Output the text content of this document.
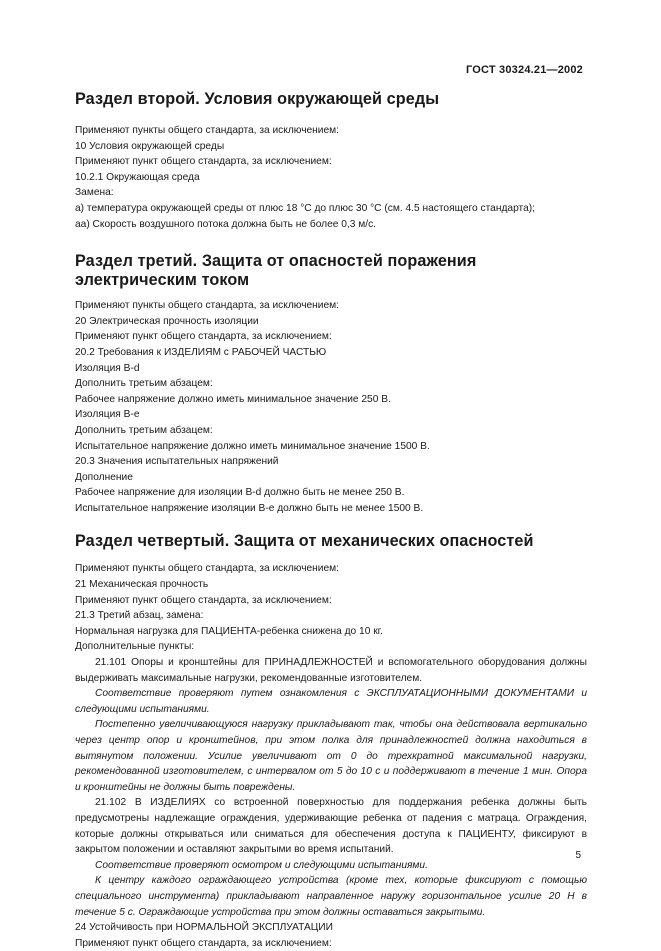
ГОСТ 30324.21—2002
Раздел второй. Условия окружающей среды

Применяют пункты общего стандарта, за исключением:

10 Условия окружающей среды

Применяют пункт общего стандарта, за исключением:

10.2.1 Окружающая среда

Замена:

a) температура окружающей среды от плюс 18 °С до плюс 30 °С (см. 4.5 настоящего стандарта);

aa) Скорость воздушного потока должна быть не более 0,3 м/с.

Раздел третий. Защита от опасностей поражения электрическим током

Применяют пункты общего стандарта, за исключением:

20 Электрическая прочность изоляции

Применяют пункт общего стандарта, за исключением:

20.2 Требования к ИЗДЕЛИЯМ с РАБОЧЕЙ ЧАСТЬЮ

Изоляция В-d

Дополнить третьим абзацем:

Рабочее напряжение должно иметь минимальное значение 250 В.

Изоляция В-е

Дополнить третьим абзацем:

Испытательное напряжение должно иметь минимальное значение 1500 В.

20.3 Значения испытательных напряжений

Дополнение

Рабочее напряжение для изоляции В-d должно быть не менее 250 В.

Испытательное напряжение изоляции В-е должно быть не менее 1500 В.

Раздел четвертый. Защита от механических опасностей

Применяют пункты общего стандарта, за исключением:

21 Механическая прочность

Применяют пункт общего стандарта, за исключением:

21.3 Третий абзац, замена:

Нормальная нагрузка для ПАЦИЕНТА-ребенка снижена до 10 кг.

Дополнительные пункты:

21.101 Опоры и кронштейны для ПРИНАДЛЕЖНОСТЕЙ и вспомогательного оборудования должны выдерживать максимальные нагрузки, рекомендованные изготовителем.

Соответствие проверяют путем ознакомления с ЭКСПЛУАТАЦИОННЫМИ ДОКУМЕНТАМИ и следующими испытаниями.

Постепенно увеличивающуюся нагрузку прикладывают так, чтобы она действовала вертикально через центр опор и кронштейнов, при этом полка для принадлежностей должна находиться в вытянутом положении. Усилие увеличивают от 0 до трехкратной максимальной нагрузки, рекомендованной изготовителем, с интервалом от 5 до 10 с и поддерживают в течение 1 мин. Опора и кронштейны не должны быть повреждены.

21.102 В ИЗДЕЛИЯХ со встроенной поверхностью для поддержания ребенка должны быть предусмотрены надлежащие ограждения, удерживающие ребенка от падения с матраца. Ограждения, которые должны открываться или сниматься для обеспечения доступа к ПАЦИЕНТУ, фиксируют в закрытом положении и оставляют закрытыми во время испытаний.

Соответствие проверяют осмотром и следующими испытаниями.

К центру каждого ограждающего устройства (кроме тех, которые фиксируют с помощью специального инструмента) прикладывают направленное наружу горизонтальное усилие 20 Н в течение 5 с. Ограждающие устройства при этом должны оставаться закрытыми.

24 Устойчивость при НОРМАЛЬНОЙ ЭКСПЛУАТАЦИИ

Применяют пункт общего стандарта, за исключением:

5
